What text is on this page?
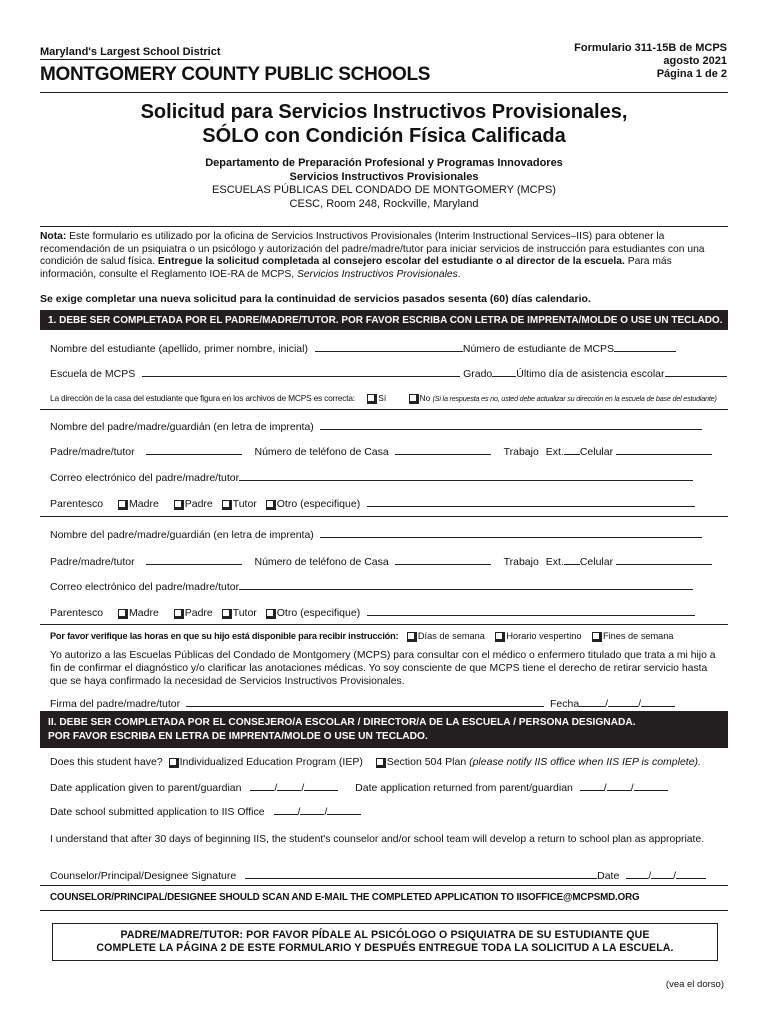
Maryland's Largest School District
MONTGOMERY COUNTY PUBLIC SCHOOLS
Formulario 311-15B de MCPS
agosto 2021
Página 1 de 2
Solicitud para Servicios Instructivos Provisionales,
SÓLO con Condición Física Calificada
Departamento de Preparación Profesional y Programas Innovadores
Servicios Instructivos Provisionales
ESCUELAS PÚBLICAS DEL CONDADO DE MONTGOMERY (MCPS)
CESC, Room 248, Rockville, Maryland
Nota: Este formulario es utilizado por la oficina de Servicios Instructivos Provisionales (Interim Instructional Services–IIS) para obtener la recomendación de un psiquiatra o un psicólogo y autorización del padre/madre/tutor para iniciar servicios de instrucción para estudiantes con una condición de salud física. Entregue la solicitud completada al consejero escolar del estudiante o al director de la escuela. Para más información, consulte el Reglamento IOE-RA de MCPS, Servicios Instructivos Provisionales.
Se exige completar una nueva solicitud para la continuidad de servicios pasados sesenta (60) días calendario.
1. DEBE SER COMPLETADA POR EL PADRE/MADRE/TUTOR. POR FAVOR ESCRIBA CON LETRA DE IMPRENTA/MOLDE O USE UN TECLADO.
Nombre del estudiante (apellido, primer nombre, inicial)	Número de estudiante de MCPS
Escuela de MCPS	Grado Último día de asistencia escolar
La dirección de la casa del estudiante que figura en los archivos de MCPS es correcta:	Sí	No (Si la respuesta es no, usted debe actualizar su dirección en la escuela de base del estudiante)
Nombre del padre/madre/guardián (en letra de imprenta)
Padre/madre/tutor	Número de teléfono de Casa	Trabajo Ext. Celular
Correo electrónico del padre/madre/tutor
Parentesco Madre Padre Tutor Otro (especifique)
Nombre del padre/madre/guardián (en letra de imprenta)
Padre/madre/tutor	Número de teléfono de Casa	Trabajo Ext. Celular
Correo electrónico del padre/madre/tutor
Parentesco Madre Padre Tutor Otro (especifique)
Por favor verifique las horas en que su hijo está disponible para recibir instrucción: Días de semana Horario vespertino Fines de semana
Yo autorizo a las Escuelas Públicas del Condado de Montgomery (MCPS) para consultar con el médico o enfermero titulado que trata a mi hijo a fin de confirmar el diagnóstico y/o clarificar las anotaciones médicas. Yo soy consciente de que MCPS tiene el derecho de retirar servicio hasta que se haya confirmado la necesidad de Servicios Instructivos Provisionales.
Firma del padre/madre/tutor	Fecha /	/
II. DEBE SER COMPLETADA POR EL CONSEJERO/A ESCOLAR / DIRECTOR/A DE LA ESCUELA / PERSONA DESIGNADA.
POR FAVOR ESCRIBA EN LETRA DE IMPRENTA/MOLDE O USE UN TECLADO.
Does this student have? Individualized Education Program (IEP) Section 504 Plan (please notify IIS office when IIS IEP is complete).
Date application given to parent/guardian	/ /	Date application returned from parent/guardian	/ /
Date school submitted application to IIS Office	/ /
I understand that after 30 days of beginning IIS, the student's counselor and/or school team will develop a return to school plan as appropriate.
Counselor/Principal/Designee Signature	Date	/ /
COUNSELOR/PRINCIPAL/DESIGNEE SHOULD SCAN AND E-MAIL THE COMPLETED APPLICATION TO IISOFFICE@MCPSMD.ORG
PADRE/MADRE/TUTOR: POR FAVOR PÍDALE AL PSICÓLOGO O PSIQUIATRA DE SU ESTUDIANTE QUE
COMPLETE LA PÁGINA 2 DE ESTE FORMULARIO Y DESPUÉS ENTREGUE TODA LA SOLICITUD A LA ESCUELA.
(vea el dorso)
